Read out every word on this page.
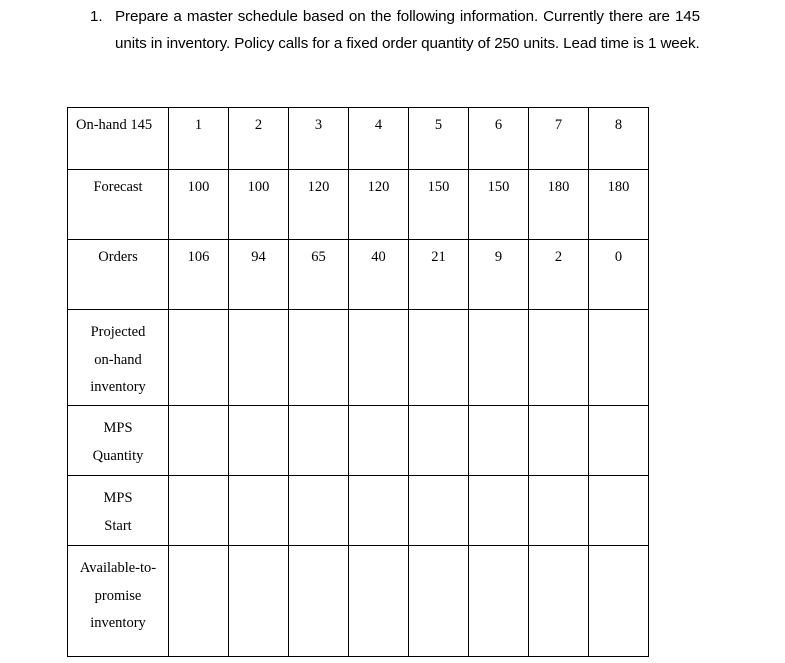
1. Prepare a master schedule based on the following information. Currently there are 145 units in inventory. Policy calls for a fixed order quantity of 250 units. Lead time is 1 week.
On-hand 145	1	2	3	4	5	6	7	8

Forecast	100	100	120	120	150	150	180	180

Orders	106	94	65	40	21	9	2	0

Projected
on-hand
inventory								

MPS
Quantity								

MPS
Start								

Available-to-
promise
inventory								
